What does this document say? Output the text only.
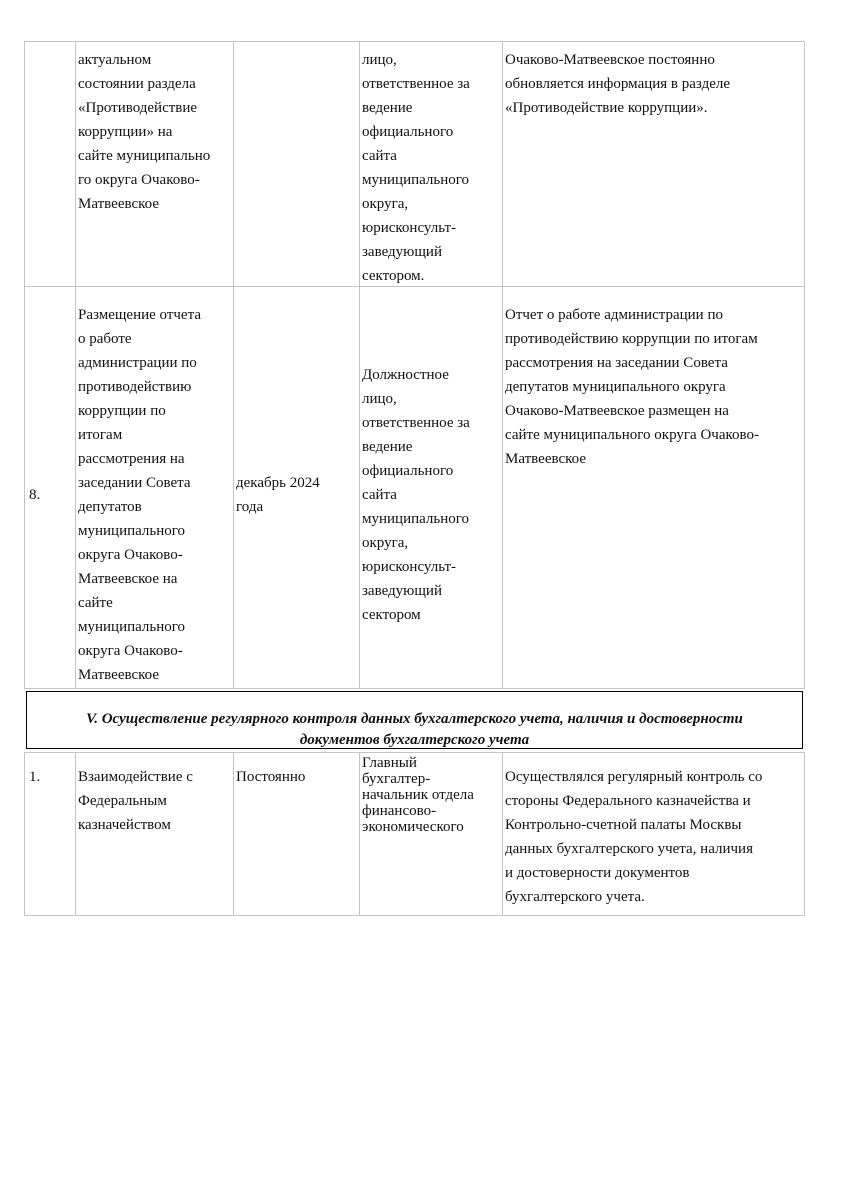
актуальном
состоянии раздела
«Противодействие
коррупции» на
сайте муниципально
го округа Очаково-
Матвеевское
лицо,
ответственное за
ведение
официального
сайта
муниципального
округа,
юрисконсульт-
заведующий
сектором.
Очаково-Матвеевское постоянно
обновляется информация в разделе
«Противодействие коррупции».
8.
Размещение отчета
о работе
администрации по
противодействию
коррупции по
итогам
рассмотрения на
заседании Совета
депутатов
муниципального
округа Очаково-
Матвеевское на
сайте
муниципального
округа Очаково-
Матвеевское
декабрь 2024
года
Должностное
лицо,
ответственное за
ведение
официального
сайта
муниципального
округа,
юрисконсульт-
заведующий
сектором
Отчет о работе администрации по
противодействию коррупции по итогам
рассмотрения на заседании Совета
депутатов муниципального округа
Очаково-Матвеевское размещен на
сайте муниципального округа Очаково-
Матвеевское
V. Осуществление регулярного контроля данных бухгалтерского учета, наличия и достоверности
документов бухгалтерского учета
1.	Взаимодействие с
Федеральным
казначейством
Постоянно
Главный
бухгалтер-
начальник отдела
финансово-
экономического
Осуществлялся регулярный контроль со
стороны Федерального казначейства и
Контрольно-счетной палаты Москвы
данных бухгалтерского учета, наличия
и достоверности документов
бухгалтерского учета.
